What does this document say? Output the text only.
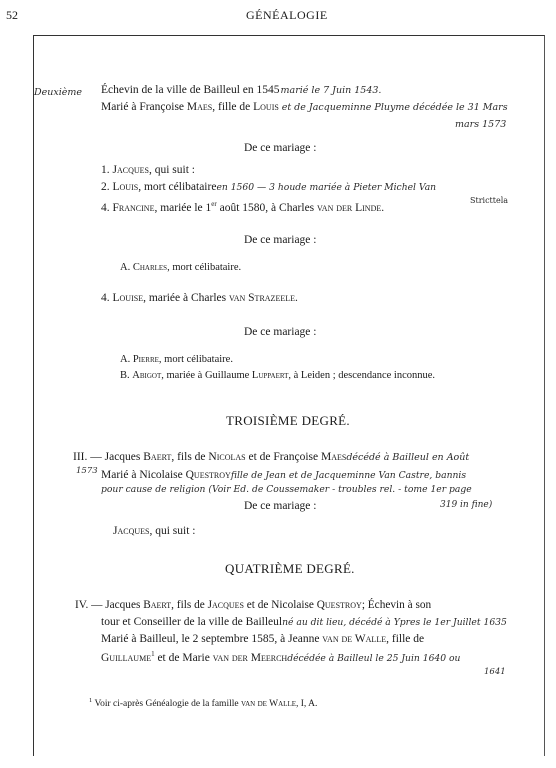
52	GÉNÉALOGIE
Deuxième Échevin de la ville de Bailleul en 1545marié le 7 Juin 1543.
Marié à Françoise Maes, fille de Louis et de Jacqueminne Pluyme décédée le 31 Mars
mars 1573
De ce mariage :
1. Jacques, qui suit :
2. Louis, mort célibataireen 1560 — 3 houde mariée à Pieter Michel Van
Stricttela
4. Francine, mariée le 1er août 1580, à Charles van der Linde.
De ce mariage :
A. Charles, mort célibataire.
4. Louise, mariée à Charles van Strazeele.
De ce mariage :
A. Pierre, mort célibataire.
B. Abigot, mariée à Guillaume Luppaert, à Leiden ; descendance inconnue.
TROISIÈME DEGRÉ.
III. — Jacques Baert, fils de Nicolas et de Françoise Maesdécédé à Bailleul en Août
1573 Marié à Nicolaise Questroyfille de Jean et de Jacqueminne Van Castre, bannis
pour cause de religion (Voir Ed. de Coussemaker - troubles rel. - tome 1er page
319 in fine)
De ce mariage :
Jacques, qui suit :
QUATRIÈME DEGRÉ.
IV. — Jacques Baert, fils de Jacques et de Nicolaise Questroy; Échevin à son
tour et Conseiller de la ville de Bailleulné au dit lieu, décédé à Ypres le 1er Juillet 1635
Marié à Bailleul, le 2 septembre 1585, à Jeanne van de Walle, fille de
Guillaume$^1$ et de Marie van der Meerchdécédée à Bailleul le 25 Juin 1640 ou
1641
$^1$ Voir ci-après Généalogie de la famille van de Walle, I, A.
